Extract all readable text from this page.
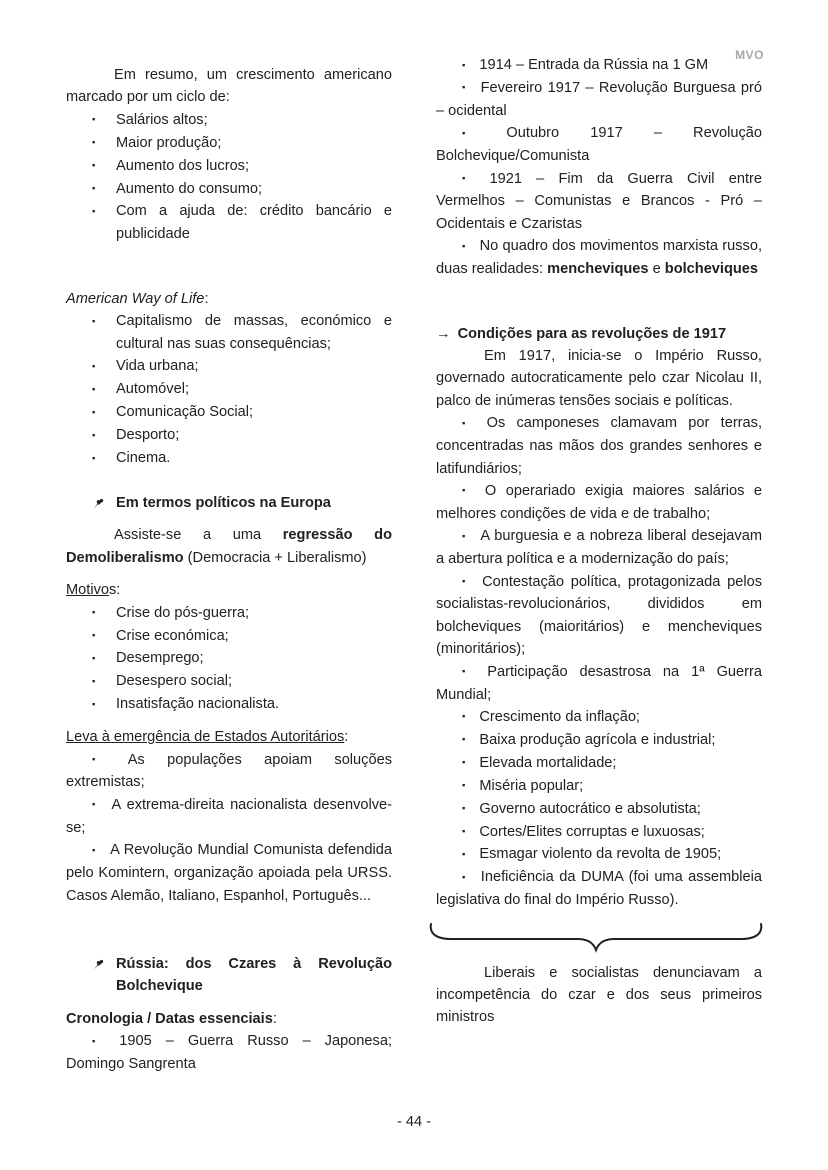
MVO
Em resumo, um crescimento americano marcado por um ciclo de:
▪Salários altos;
▪Maior produção;
▪Aumento dos lucros;
▪Aumento do consumo;
▪Com a ajuda de: crédito bancário e publicidade
American Way of Life:
▪Capitalismo de massas, económico e cultural nas suas consequências;
▪Vida urbana;
▪Automóvel;
▪Comunicação Social;
▪Desporto;
▪Cinema.
Em termos políticos na Europa
Assiste-se a uma regressão do Demoliberalismo (Democracia + Liberalismo)
Motivos:
▪Crise do pós-guerra;
▪Crise económica;
▪Desemprego;
▪Desespero social;
▪Insatisfação nacionalista.
Leva à emergência de Estados Autoritários:
▪ As populações apoiam soluções extremistas;
▪ A extrema-direita nacionalista desenvolve-se;
▪ A Revolução Mundial Comunista defendida pelo Komintern, organização apoiada pela URSS. Casos Alemão, Italiano, Espanhol, Português...
Rússia: dos Czares à Revolução Bolchevique
Cronologia / Datas essenciais:
▪ 1905 – Guerra Russo – Japonesa; Domingo Sangrenta
▪ 1914 – Entrada da Rússia na 1 GM
▪ Fevereiro 1917 – Revolução Burguesa pró – ocidental
▪ Outubro 1917 – Revolução Bolchevique/Comunista
▪ 1921 – Fim da Guerra Civil entre Vermelhos – Comunistas e Brancos - Pró – Ocidentais e Czaristas
▪ No quadro dos movimentos marxista russo, duas realidades: mencheviques e bolcheviques
→ Condições para as revoluções de 1917
Em 1917, inicia-se o Império Russo, governado autocraticamente pelo czar Nicolau II, palco de inúmeras tensões sociais e políticas.
▪ Os camponeses clamavam por terras, concentradas nas mãos dos grandes senhores e latifundiários;
▪ O operariado exigia maiores salários e melhores condições de vida e de trabalho;
▪ A burguesia e a nobreza liberal desejavam a abertura política e a modernização do país;
▪ Contestação política, protagonizada pelos socialistas-revolucionários, divididos em bolcheviques (maioritários) e mencheviques (minoritários);
▪ Participação desastrosa na 1ª Guerra Mundial;
▪ Crescimento da inflação;
▪ Baixa produção agrícola e industrial;
▪ Elevada mortalidade;
▪ Miséria popular;
▪ Governo autocrático e absolutista;
▪ Cortes/Elites corruptas e luxuosas;
▪ Esmagar violento da revolta de 1905;
▪ Ineficiência da DUMA (foi uma assembleia legislativa do final do Império Russo).
Liberais e socialistas denunciavam a incompetência do czar e dos seus primeiros ministros
- 44 -
